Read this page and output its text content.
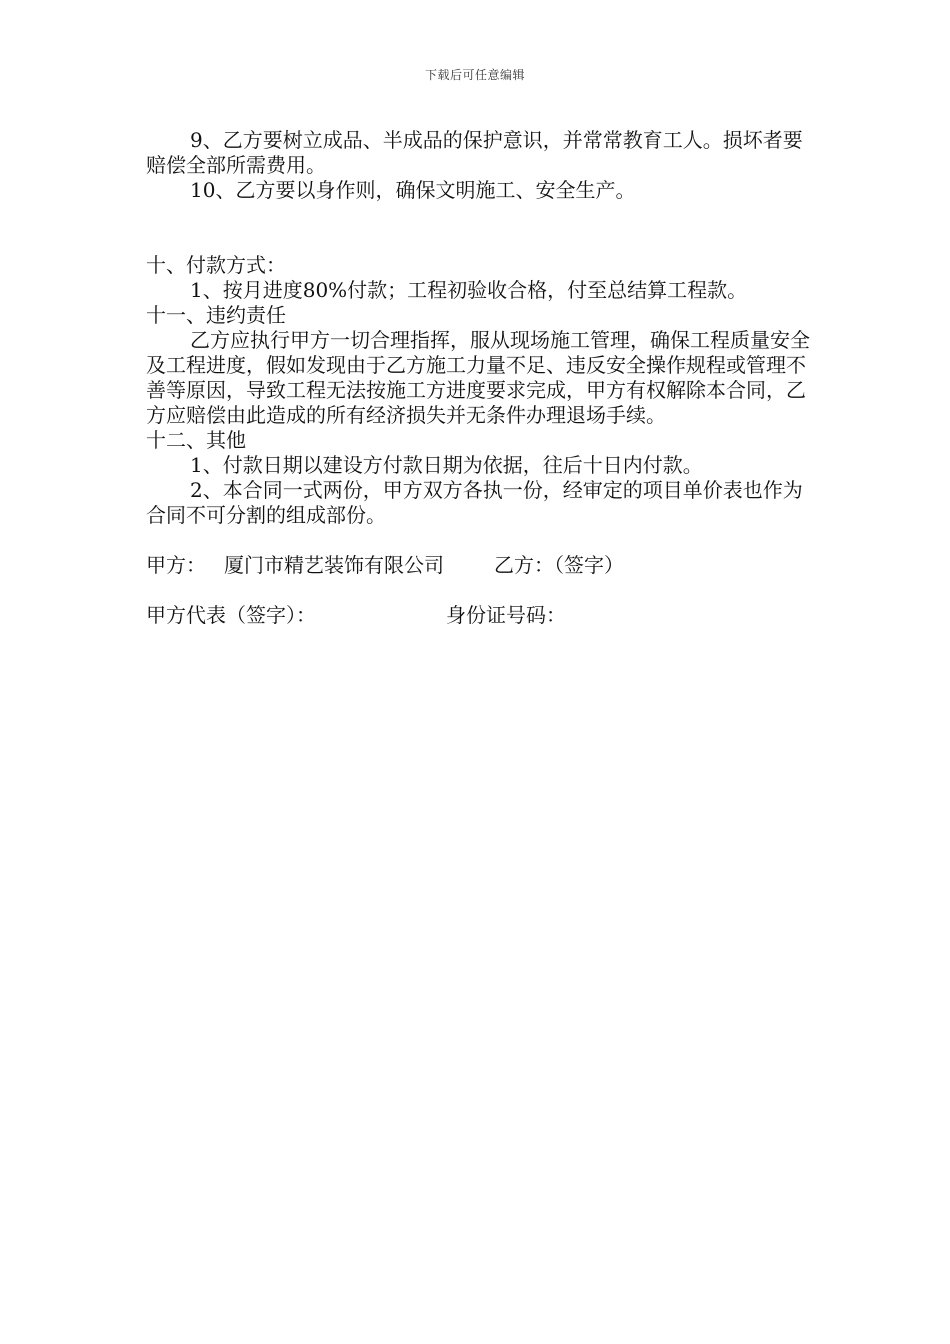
下载后可任意编辑

9、乙方要树立成品、半成品的保护意识，并常常教育工人。损坏者要赔偿全部所需费用。

10、乙方要以身作则，确保文明施工、安全生产。

十、付款方式：

1、按月进度80%付款；工程初验收合格，付至总结算工程款。

十一、违约责任

乙方应执行甲方一切合理指挥，服从现场施工管理，确保工程质量安全及工程进度，假如发现由于乙方施工力量不足、违反安全操作规程或管理不善等原因，导致工程无法按施工方进度要求完成，甲方有权解除本合同，乙方应赔偿由此造成的所有经济损失并无条件办理退场手续。

十二、其他

1、付款日期以建设方付款日期为依据，往后十日内付款。

2、本合同一式两份，甲方双方各执一份，经审定的项目单价表也作为合同不可分割的组成部份。

甲方： 厦门市精艺装饰有限公司	乙方：（签字）
甲方代表（签字）：	身份证号码：
